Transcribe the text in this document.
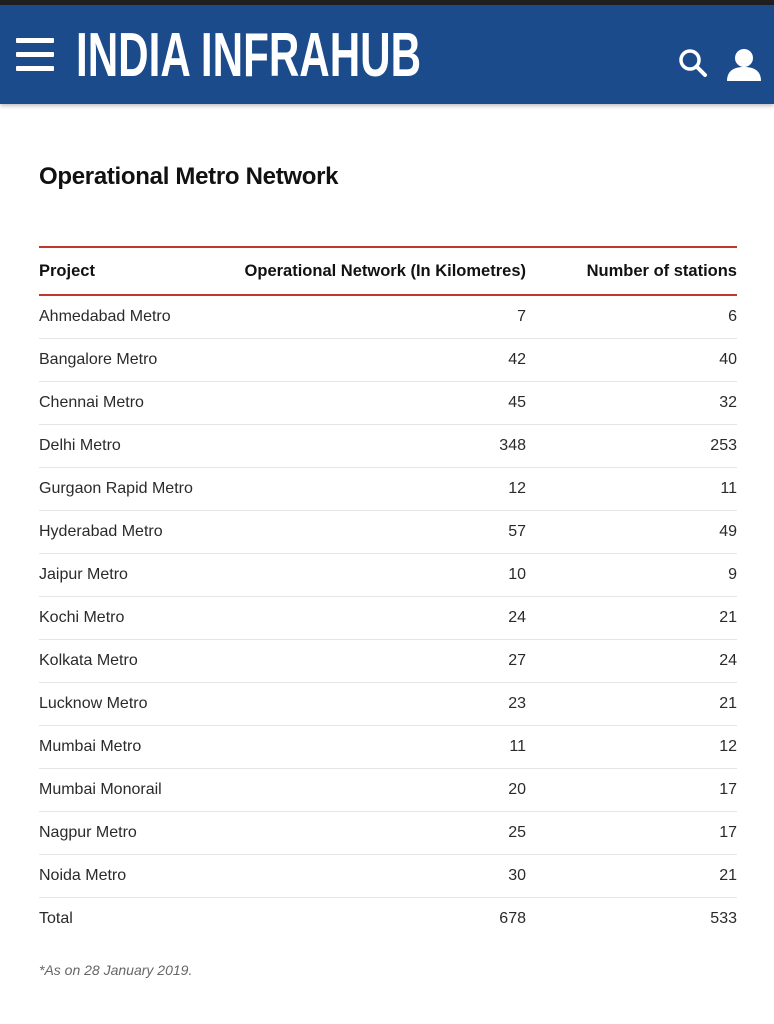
INDIA INFRAHUB
Operational Metro Network
Project	Operational Network (In Kilometres)	Number of stations
Ahmedabad Metro	7	6
Bangalore Metro	42	40
Chennai Metro	45	32
Delhi Metro	348	253
Gurgaon Rapid Metro	12	11
Hyderabad Metro	57	49
Jaipur Metro	10	9
Kochi Metro	24	21
Kolkata Metro	27	24
Lucknow Metro	23	21
Mumbai Metro	11	12
Mumbai Monorail	20	17
Nagpur Metro	25	17
Noida Metro	30	21
Total	678	533
*As on 28 January 2019.
